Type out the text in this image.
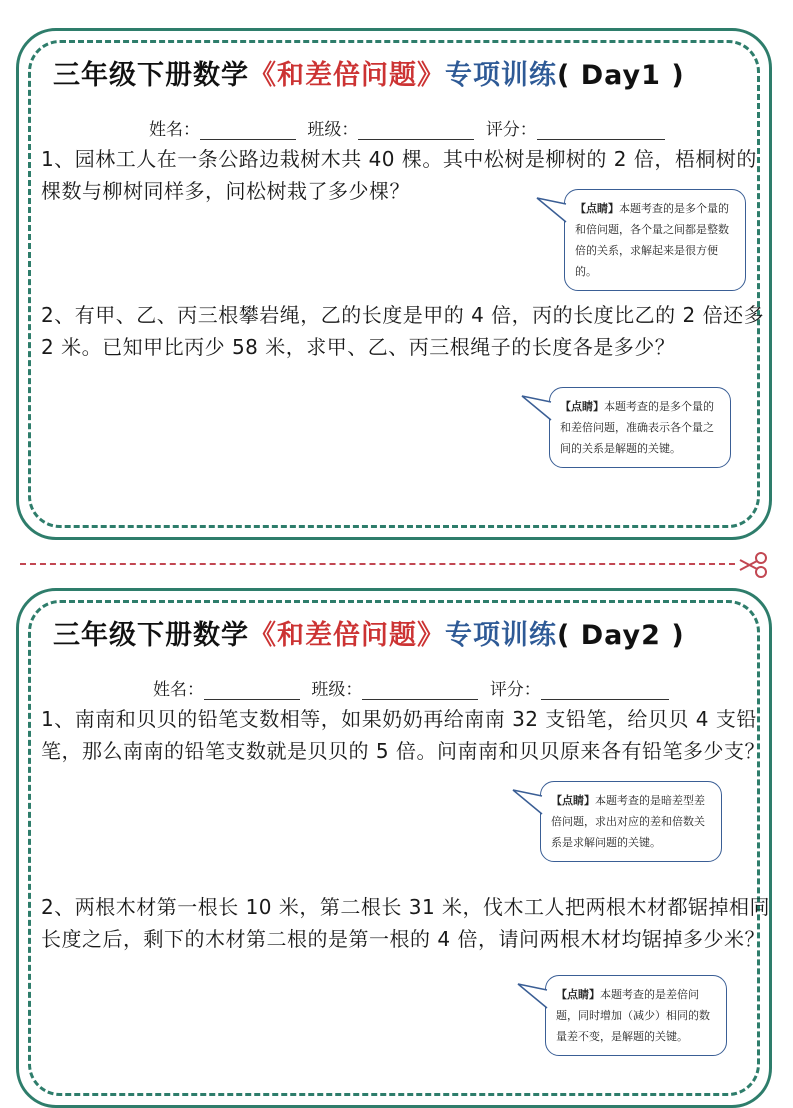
三年级下册数学《和差倍问题》专项训练( Day1 )
姓名：	班级：	评分：
1、园林工人在一条公路边栽树木共 40 棵。其中松树是柳树的 2 倍，梧桐树的棵数与柳树同样多，问松树栽了多少棵？
【点睛】本题考查的是多个量的和倍问题，各个量之间都是整数倍的关系，求解起来是很方便的。
2、有甲、乙、丙三根攀岩绳，乙的长度是甲的 4 倍，丙的长度比乙的 2 倍还多 2 米。已知甲比丙少 58 米，求甲、乙、丙三根绳子的长度各是多少？
【点睛】本题考查的是多个量的和差倍问题，准确表示各个量之间的关系是解题的关键。
三年级下册数学《和差倍问题》专项训练( Day2 )
姓名：	班级：	评分：
1、南南和贝贝的铅笔支数相等，如果奶奶再给南南 32 支铅笔，给贝贝 4 支铅笔，那么南南的铅笔支数就是贝贝的 5 倍。问南南和贝贝原来各有铅笔多少支？
【点睛】本题考查的是暗差型差倍问题，求出对应的差和倍数关系是求解问题的关键。
2、两根木材第一根长 10 米，第二根长 31 米，伐木工人把两根木材都锯掉相同长度之后，剩下的木材第二根的是第一根的 4 倍，请问两根木材均锯掉多少米？
【点睛】本题考查的是差倍问题，同时增加（减少）相同的数量差不变，是解题的关键。
